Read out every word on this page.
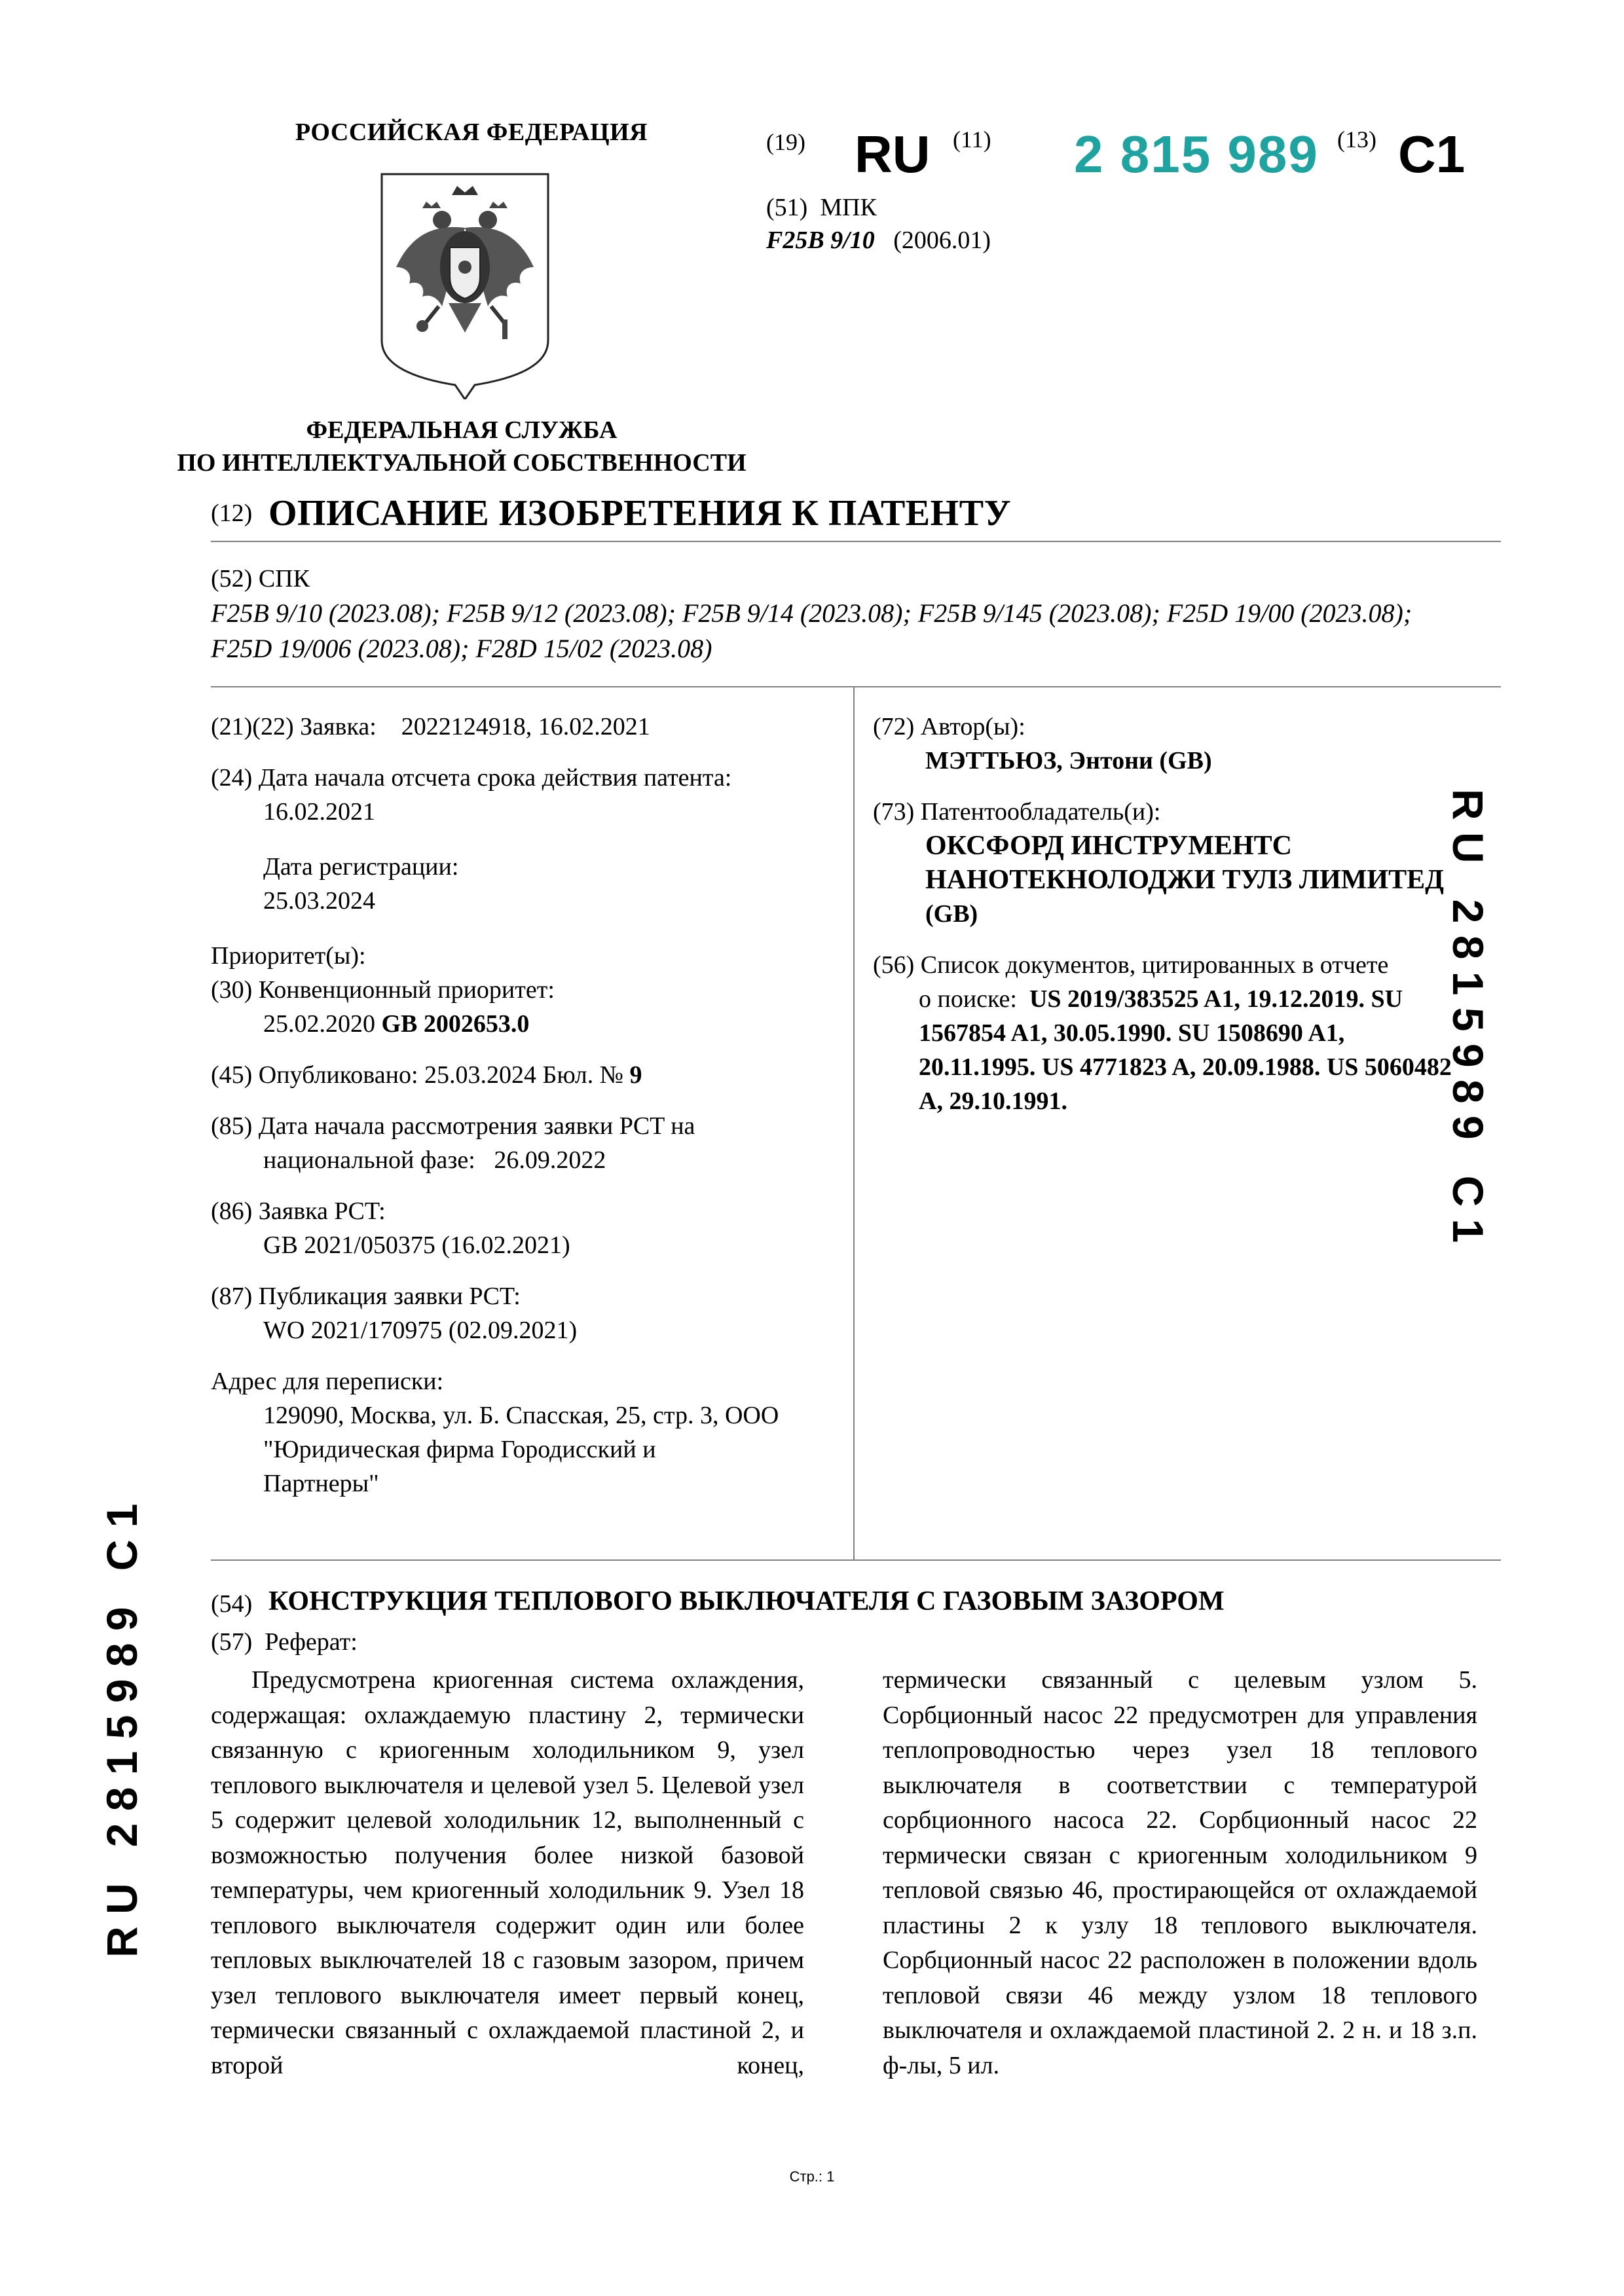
РОССИЙСКАЯ ФЕДЕРАЦИЯ
ФЕДЕРАЛЬНАЯ СЛУЖБА
ПО ИНТЕЛЛЕКТУАЛЬНОЙ СОБСТВЕННОСТИ
(19) RU (11) 2 815 989 (13) C1
(51) МПК
F25B 9/10 (2006.01)
(12) ОПИСАНИЕ ИЗОБРЕТЕНИЯ К ПАТЕНТУ
(52) СПК
F25B 9/10 (2023.08); F25B 9/12 (2023.08); F25B 9/14 (2023.08); F25B 9/145 (2023.08); F25D 19/00 (2023.08);
F25D 19/006 (2023.08); F28D 15/02 (2023.08)

(21)(22) Заявка: 2022124918, 16.02.2021

(24) Дата начала отсчета срока действия патента:

16.02.2021

Дата регистрации:

25.03.2024

Приоритет(ы):

(30) Конвенционный приоритет:

25.02.2020 GB 2002653.0

(45) Опубликовано: 25.03.2024 Бюл. № 9

(85) Дата начала рассмотрения заявки PCT на

национальной фазе: 26.09.2022

(86) Заявка PCT:

GB 2021/050375 (16.02.2021)

(87) Публикация заявки PCT:

WO 2021/170975 (02.09.2021)

Адрес для переписки:

129090, Москва, ул. Б. Спасская, 25, стр. 3, ООО

"Юридическая фирма Городисский и

Партнеры"

(72) Автор(ы):

МЭТТЬЮЗ, Энтони (GB)

(73) Патентообладатель(и):

ОКСФОРД ИНСТРУМЕНТС

НАНОТЕКНОЛОДЖИ ТУЛЗ ЛИМИТЕД

(GB)

(56) Список документов, цитированных в отчете

о поиске: US 2019/383525 A1, 19.12.2019. SU

1567854 A1, 30.05.1990. SU 1508690 A1,

20.11.1995. US 4771823 A, 20.09.1988. US 5060482

A, 29.10.1991.	R U   2 8 1 5 9 8 9   C 1
R U   2 8 1 5 9 8 9   C 1	(54) КОНСТРУКЦИЯ ТЕПЛОВОГО ВЫКЛЮЧАТЕЛЯ С ГАЗОВЫМ ЗАЗОРОМ
(57) Реферат:
Предусмотрена криогенная система охлаждения, содержащая: охлаждаемую пластину 2, термически связанную с криогенным холодильником 9, узел теплового выключателя и целевой узел 5. Целевой узел 5 содержит целевой холодильник 12, выполненный с возможностью получения более низкой базовой температуры, чем криогенный холодильник 9. Узел 18 теплового выключателя содержит один или более тепловых выключателей 18 с газовым зазором, причем узел теплового выключателя имеет первый конец, термически связанный с охлаждаемой пластиной 2, и второй конец,
термически связанный с целевым узлом 5. Сорбционный насос 22 предусмотрен для управления теплопроводностью через узел 18 теплового выключателя в соответствии с температурой сорбционного насоса 22. Сорбционный насос 22 термически связан с криогенным холодильником 9 тепловой связью 46, простирающейся от охлаждаемой пластины 2 к узлу 18 теплового выключателя. Сорбционный насос 22 расположен в положении вдоль тепловой связи 46 между узлом 18 теплового выключателя и охлаждаемой пластиной 2. 2 н. и 18 з.п. ф-лы, 5 ил.
Стр.: 1
